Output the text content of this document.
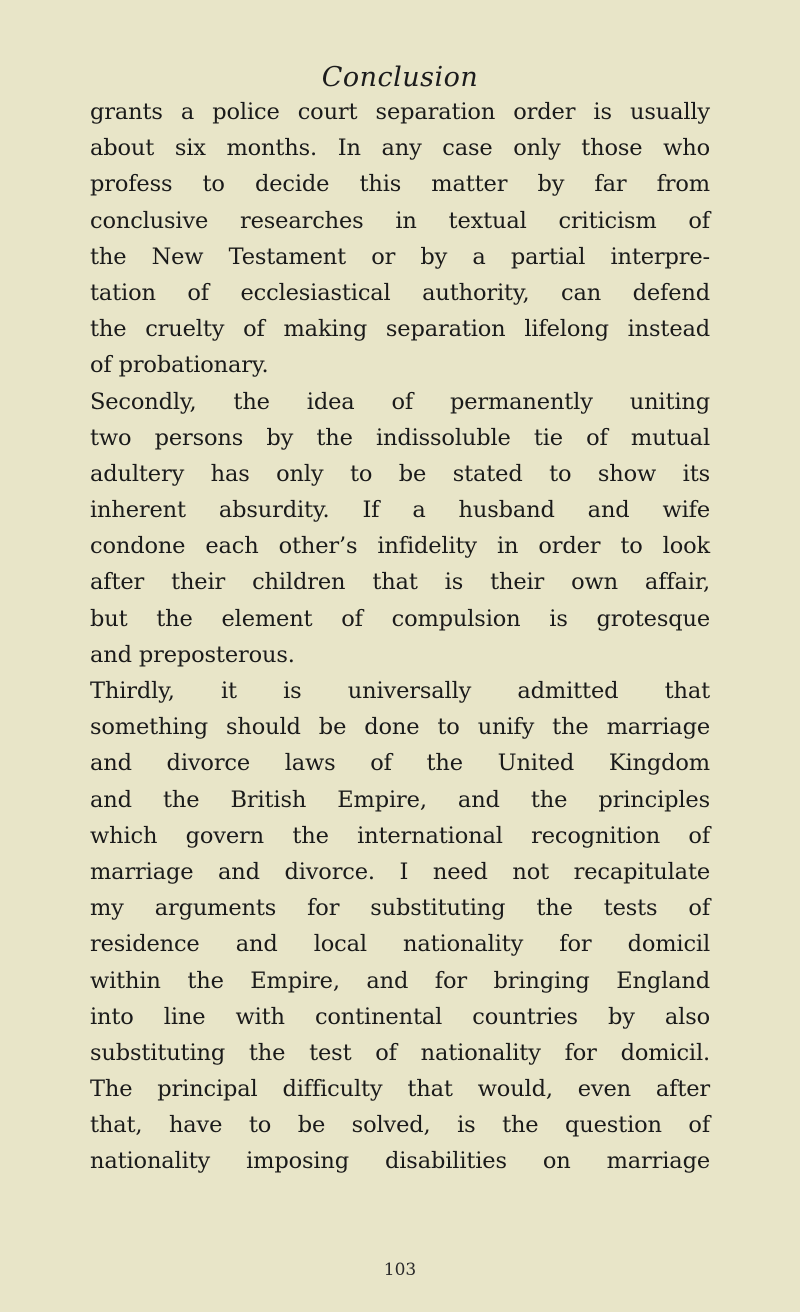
Conclusion
grants a police court separation order is usually
about six months. In any case only those who
profess to decide this matter by far from
conclusive researches in textual criticism of
the New Testament or by a partial interpre-
tation of ecclesiastical authority, can defend
the cruelty of making separation lifelong instead
of probationary.
Secondly, the idea of permanently uniting
two persons by the indissoluble tie of mutual
adultery has only to be stated to show its
inherent absurdity. If a husband and wife
condone each other’s infidelity in order to look
after their children that is their own affair,
but the element of compulsion is grotesque
and preposterous.
Thirdly, it is universally admitted that
something should be done to unify the marriage
and divorce laws of the United Kingdom
and the British Empire, and the principles
which govern the international recognition of
marriage and divorce. I need not recapitulate
my arguments for substituting the tests of
residence and local nationality for domicil
within the Empire, and for bringing England
into line with continental countries by also
substituting the test of nationality for domicil.
The principal difficulty that would, even after
that, have to be solved, is the question of
nationality imposing disabilities on marriage
103
